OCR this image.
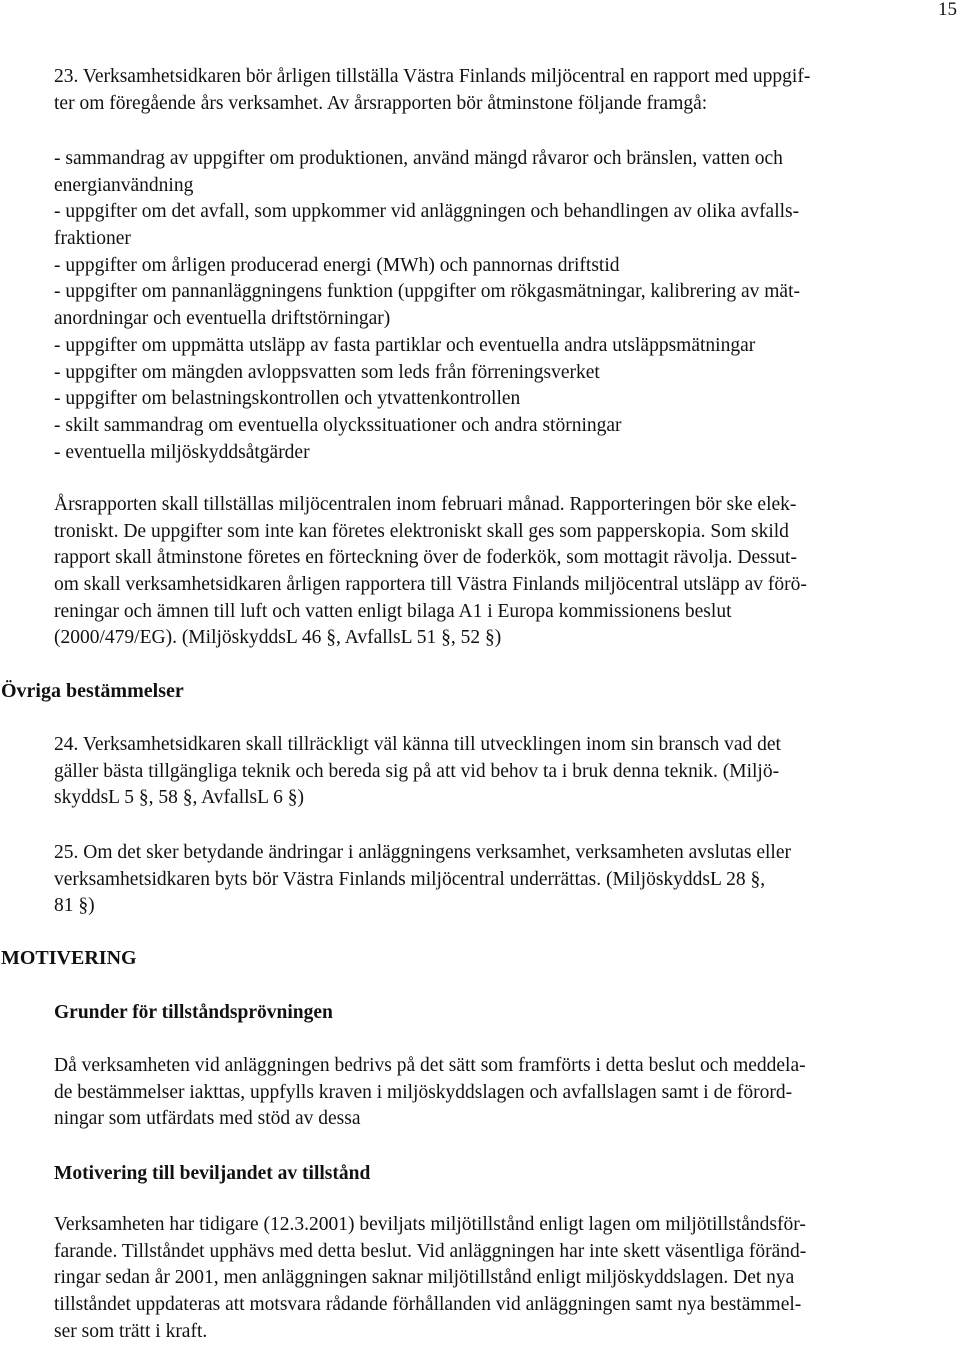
15
23. Verksamhetsidkaren bör årligen tillställa Västra Finlands miljöcentral en rapport med uppgif-
ter om föregående års verksamhet. Av årsrapporten bör åtminstone följande framgå:
- sammandrag av uppgifter om produktionen, använd mängd råvaror och bränslen, vatten och
energianvändning
- uppgifter om det avfall, som uppkommer vid anläggningen och behandlingen av olika avfalls-
fraktioner
- uppgifter om årligen producerad energi (MWh) och pannornas driftstid
- uppgifter om pannanläggningens funktion (uppgifter om rökgasmätningar, kalibrering av mät-
anordningar och eventuella driftstörningar)
- uppgifter om uppmätta utsläpp av fasta partiklar och eventuella andra utsläppsmätningar
- uppgifter om mängden avloppsvatten som leds från förreningsverket
- uppgifter om belastningskontrollen och ytvattenkontrollen
- skilt sammandrag om eventuella olyckssituationer och andra störningar
- eventuella miljöskyddsåtgärder
Årsrapporten skall tillställas miljöcentralen inom februari månad. Rapporteringen bör ske elek-
troniskt. De uppgifter som inte kan företes elektroniskt skall ges som papperskopia. Som skild
rapport skall åtminstone företes en förteckning över de foderkök, som mottagit rävolja. Dessut-
om skall verksamhetsidkaren årligen rapportera till Västra Finlands miljöcentral utsläpp av förö-
reningar och ämnen till luft och vatten enligt bilaga A1 i Europa kommissionens beslut
(2000/479/EG). (MiljöskyddsL 46 §, AvfallsL 51 §, 52 §)
Övriga bestämmelser
24. Verksamhetsidkaren skall tillräckligt väl känna till utvecklingen inom sin bransch vad det
gäller bästa tillgängliga teknik och bereda sig på att vid behov ta i bruk denna teknik. (Miljö-
skyddsL 5 §, 58 §, AvfallsL 6 §)
25. Om det sker betydande ändringar i anläggningens verksamhet, verksamheten avslutas eller
verksamhetsidkaren byts bör Västra Finlands miljöcentral underrättas. (MiljöskyddsL 28 §,
81 §)
MOTIVERING
Grunder för tillståndsprövningen
Då verksamheten vid anläggningen bedrivs på det sätt som framförts i detta beslut och meddela-
de bestämmelser iakttas, uppfylls kraven i miljöskyddslagen och avfallslagen samt i de förord-
ningar som utfärdats med stöd av dessa
Motivering till beviljandet av tillstånd
Verksamheten har tidigare (12.3.2001) beviljats miljötillstånd enligt lagen om miljötillståndsför-
farande. Tillståndet upphävs med detta beslut. Vid anläggningen har inte skett väsentliga föränd-
ringar sedan år 2001, men anläggningen saknar miljötillstånd enligt miljöskyddslagen. Det nya
tillståndet uppdateras att motsvara rådande förhållanden vid anläggningen samt nya bestämmel-
ser som trätt i kraft.
